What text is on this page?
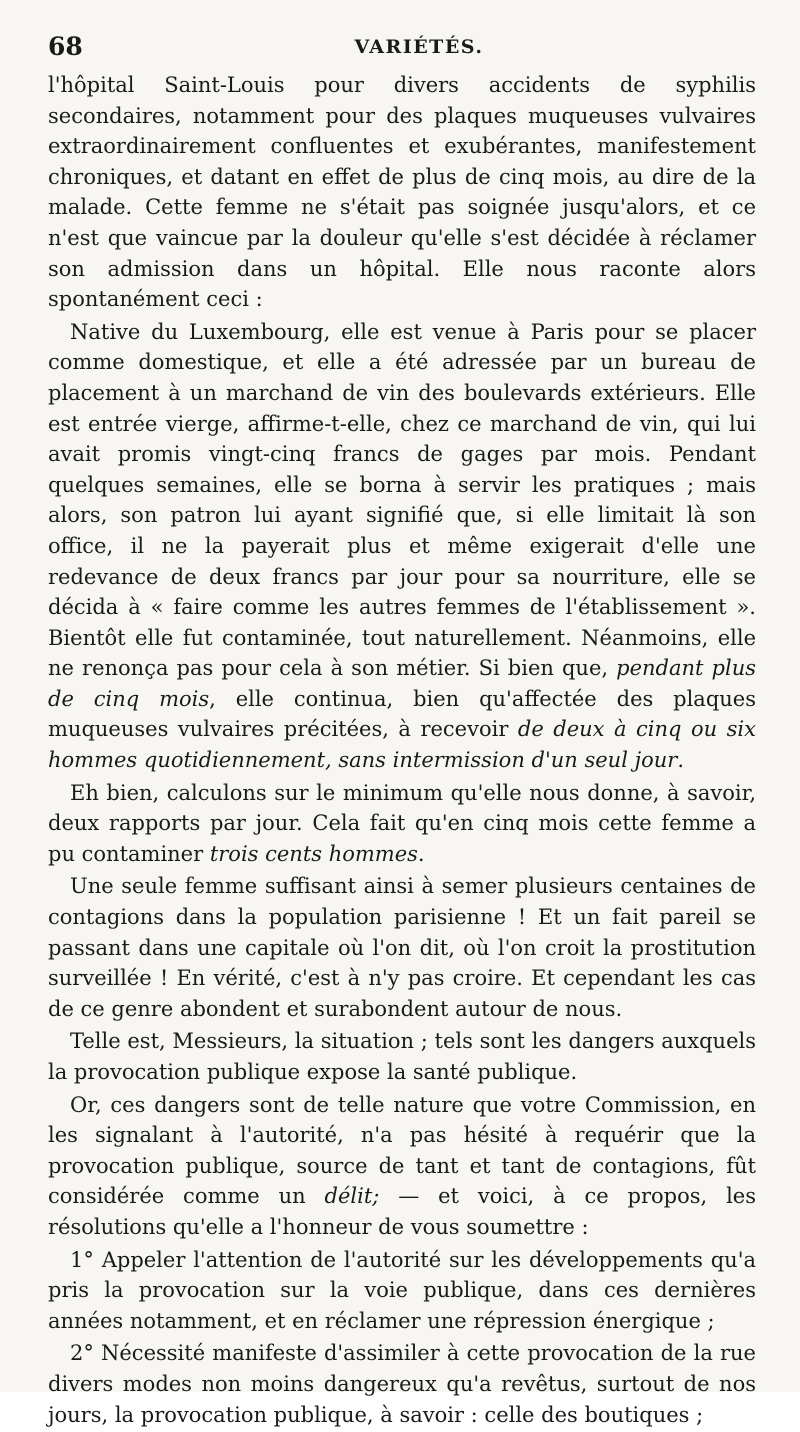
68	VARIÉTÉS.

l'hôpital Saint-Louis pour divers accidents de syphilis secondaires, notamment pour des plaques muqueuses vulvaires extraordinairement confluentes et exubérantes, manifestement chroniques, et datant en effet de plus de cinq mois, au dire de la malade. Cette femme ne s'était pas soignée jusqu'alors, et ce n'est que vaincue par la douleur qu'elle s'est décidée à réclamer son admission dans un hôpital. Elle nous raconte alors spontanément ceci :

Native du Luxembourg, elle est venue à Paris pour se placer comme domestique, et elle a été adressée par un bureau de placement à un marchand de vin des boulevards extérieurs. Elle est entrée vierge, affirme-t-elle, chez ce marchand de vin, qui lui avait promis vingt-cinq francs de gages par mois. Pendant quelques semaines, elle se borna à servir les pratiques ; mais alors, son patron lui ayant signifié que, si elle limitait là son office, il ne la payerait plus et même exigerait d'elle une redevance de deux francs par jour pour sa nourriture, elle se décida à « faire comme les autres femmes de l'établissement ». Bientôt elle fut contaminée, tout naturellement. Néanmoins, elle ne renonça pas pour cela à son métier. Si bien que, pendant plus de cinq mois, elle continua, bien qu'affectée des plaques muqueuses vulvaires précitées, à recevoir de deux à cinq ou six hommes quotidiennement, sans intermission d'un seul jour.

Eh bien, calculons sur le minimum qu'elle nous donne, à savoir, deux rapports par jour. Cela fait qu'en cinq mois cette femme a pu contaminer trois cents hommes.

Une seule femme suffisant ainsi à semer plusieurs centaines de contagions dans la population parisienne ! Et un fait pareil se passant dans une capitale où l'on dit, où l'on croit la prostitution surveillée ! En vérité, c'est à n'y pas croire. Et cependant les cas de ce genre abondent et surabondent autour de nous.

Telle est, Messieurs, la situation ; tels sont les dangers auxquels la provocation publique expose la santé publique.

Or, ces dangers sont de telle nature que votre Commission, en les signalant à l'autorité, n'a pas hésité à requérir que la provocation publique, source de tant et tant de contagions, fût considérée comme un délit; — et voici, à ce propos, les résolutions qu'elle a l'honneur de vous soumettre :

1° Appeler l'attention de l'autorité sur les développements qu'a pris la provocation sur la voie publique, dans ces dernières années notamment, et en réclamer une répression énergique ;

2° Nécessité manifeste d'assimiler à cette provocation de la rue divers modes non moins dangereux qu'a revêtus, surtout de nos jours, la provocation publique, à savoir : celle des boutiques ;
